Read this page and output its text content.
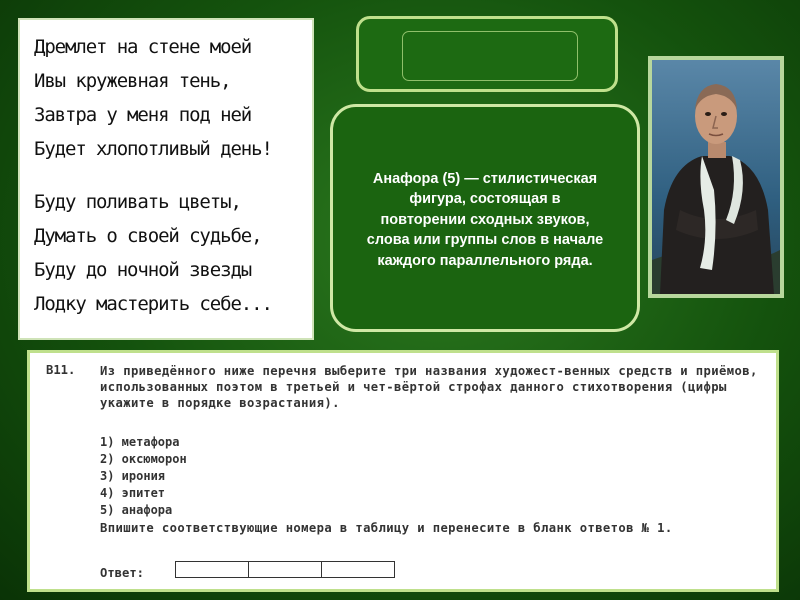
Дремлет на стене моей
Ивы кружевная тень,
Завтра у меня под ней
Будет хлопотливый день!
Буду поливать цветы,
Думать о своей судьбе,
Буду до ночной звезды
Лодку мастерить себе...
Анафора (5) — стилистическая фигура, состоящая в повторении сходных звуков, слова или группы слов в начале каждого параллельного ряда.
В11. Из приведённого ниже перечня выберите три названия художест-венных средств и приёмов, использованных поэтом в третьей и чет-вёртой строфах данного стихотворения (цифры укажите в порядке возрастания).
1) метафора
2) оксюморон
3) ирония
4) эпитет
5) анафора
Впишите соответствующие номера в таблицу и перенесите в бланк ответов № 1.
Ответ:
